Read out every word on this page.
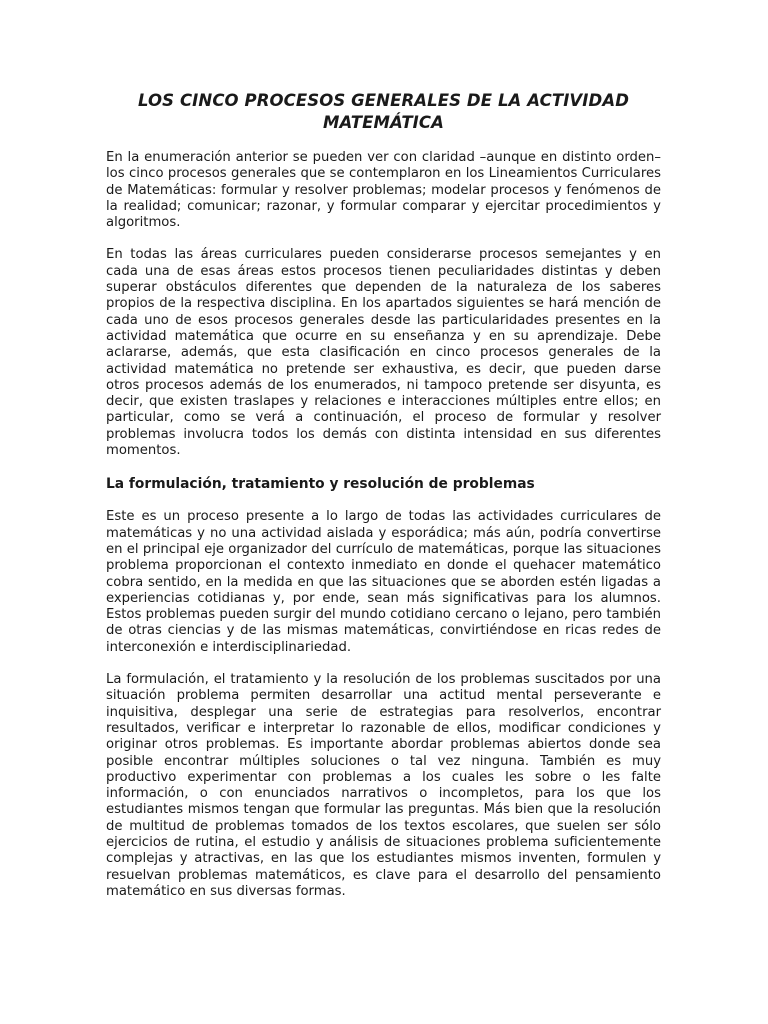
LOS CINCO PROCESOS GENERALES DE LA ACTIVIDAD MATEMÁTICA

En la enumeración anterior se pueden ver con claridad –aunque en distinto orden– los cinco procesos generales que se contemplaron en los Lineamientos Curriculares de Matemáticas: formular y resolver problemas; modelar procesos y fenómenos de la realidad; comunicar; razonar, y formular comparar y ejercitar procedimientos y algoritmos.

En todas las áreas curriculares pueden considerarse procesos semejantes y en cada una de esas áreas estos procesos tienen peculiaridades distintas y deben superar obstáculos diferentes que dependen de la naturaleza de los saberes propios de la respectiva disciplina. En los apartados siguientes se hará mención de cada uno de esos procesos generales desde las particularidades presentes en la actividad matemática que ocurre en su enseñanza y en su aprendizaje. Debe aclararse, además, que esta clasificación en cinco procesos generales de la actividad matemática no pretende ser exhaustiva, es decir, que pueden darse otros procesos además de los enumerados, ni tampoco pretende ser disyunta, es decir, que existen traslapes y relaciones e interacciones múltiples entre ellos; en particular, como se verá a continuación, el proceso de formular y resolver problemas involucra todos los demás con distinta intensidad en sus diferentes momentos.

La formulación, tratamiento y resolución de problemas

Este es un proceso presente a lo largo de todas las actividades curriculares de matemáticas y no una actividad aislada y esporádica; más aún, podría convertirse en el principal eje organizador del currículo de matemáticas, porque las situaciones problema proporcionan el contexto inmediato en donde el quehacer matemático cobra sentido, en la medida en que las situaciones que se aborden estén ligadas a experiencias cotidianas y, por ende, sean más significativas para los alumnos. Estos problemas pueden surgir del mundo cotidiano cercano o lejano, pero también de otras ciencias y de las mismas matemáticas, convirtiéndose en ricas redes de interconexión e interdisciplinariedad.

La formulación, el tratamiento y la resolución de los problemas suscitados por una situación problema permiten desarrollar una actitud mental perseverante e inquisitiva, desplegar una serie de estrategias para resolverlos, encontrar resultados, verificar e interpretar lo razonable de ellos, modificar condiciones y originar otros problemas. Es importante abordar problemas abiertos donde sea posible encontrar múltiples soluciones o tal vez ninguna. También es muy productivo experimentar con problemas a los cuales les sobre o les falte información, o con enunciados narrativos o incompletos, para los que los estudiantes mismos tengan que formular las preguntas. Más bien que la resolución de multitud de problemas tomados de los textos escolares, que suelen ser sólo ejercicios de rutina, el estudio y análisis de situaciones problema suficientemente complejas y atractivas, en las que los estudiantes mismos inventen, formulen y resuelvan problemas matemáticos, es clave para el desarrollo del pensamiento matemático en sus diversas formas.
